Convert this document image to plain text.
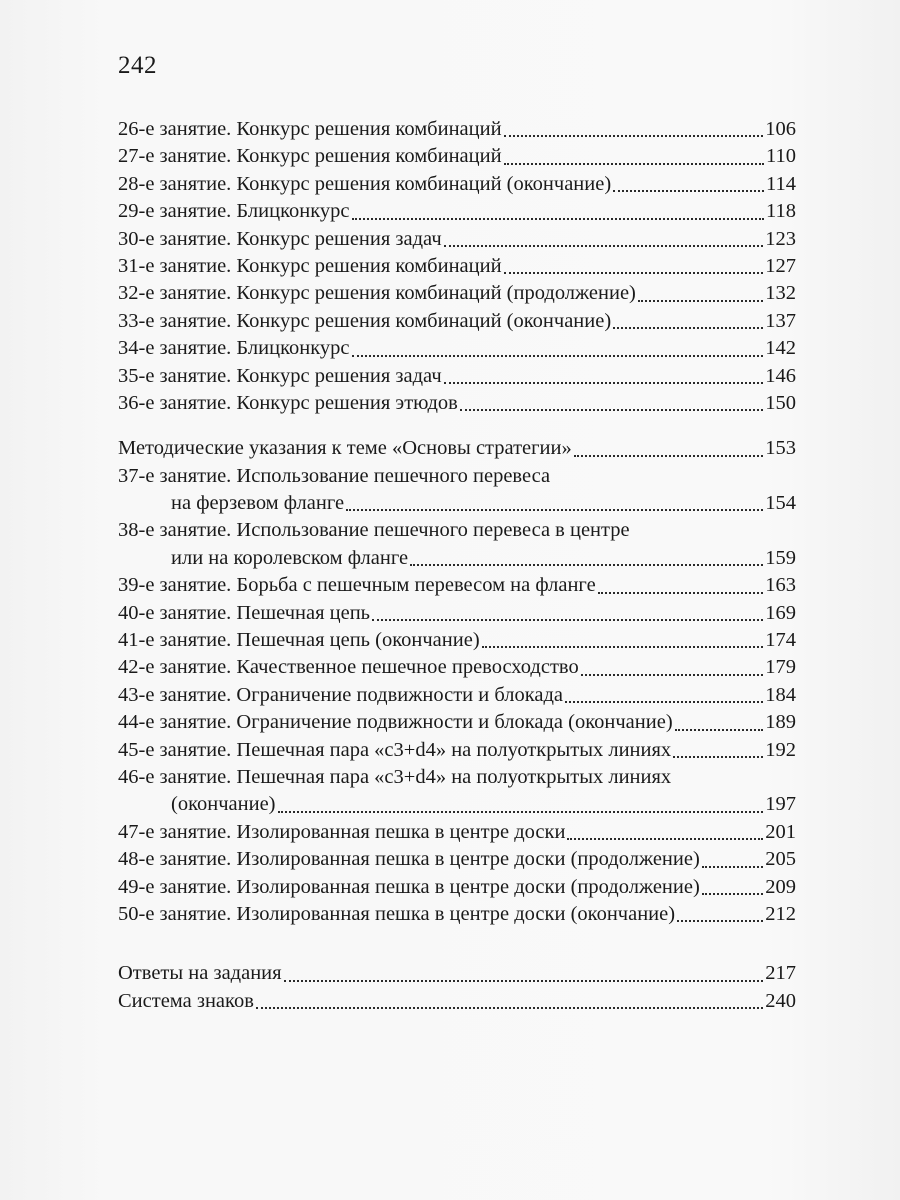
242
26-е занятие. Конкурс решения комбинаций	106
27-е занятие. Конкурс решения комбинаций	110
28-е занятие. Конкурс решения комбинаций (окончание)	114
29-е занятие. Блицконкурс	118
30-е занятие. Конкурс решения задач	123
31-е занятие. Конкурс решения комбинаций	127
32-е занятие. Конкурс решения комбинаций (продолжение)	132
33-е занятие. Конкурс решения комбинаций (окончание)	137
34-е занятие. Блицконкурс	142
35-е занятие. Конкурс решения задач	146
36-е занятие. Конкурс решения этюдов	150
Методические указания к теме «Основы стратегии»	153
37-е занятие. Использование пешечного перевеса
на ферзевом фланге	154
38-е занятие. Использование пешечного перевеса в центре
или на королевском фланге	159
39-е занятие. Борьба с пешечным перевесом на фланге	163
40-е занятие. Пешечная цепь	169
41-е занятие. Пешечная цепь (окончание)	174
42-е занятие. Качественное пешечное превосходство	179
43-е занятие. Ограничение подвижности и блокада	184
44-е занятие. Ограничение подвижности и блокада (окончание)	189
45-е занятие. Пешечная пара «c3+d4» на полуоткрытых линиях	192
46-е занятие. Пешечная пара «c3+d4» на полуоткрытых линиях
(окончание)	197
47-е занятие. Изолированная пешка в центре доски	201
48-е занятие. Изолированная пешка в центре доски (продолжение)	205
49-е занятие. Изолированная пешка в центре доски (продолжение)	209
50-е занятие. Изолированная пешка в центре доски (окончание)	212
Ответы на задания	217
Система знаков	240
